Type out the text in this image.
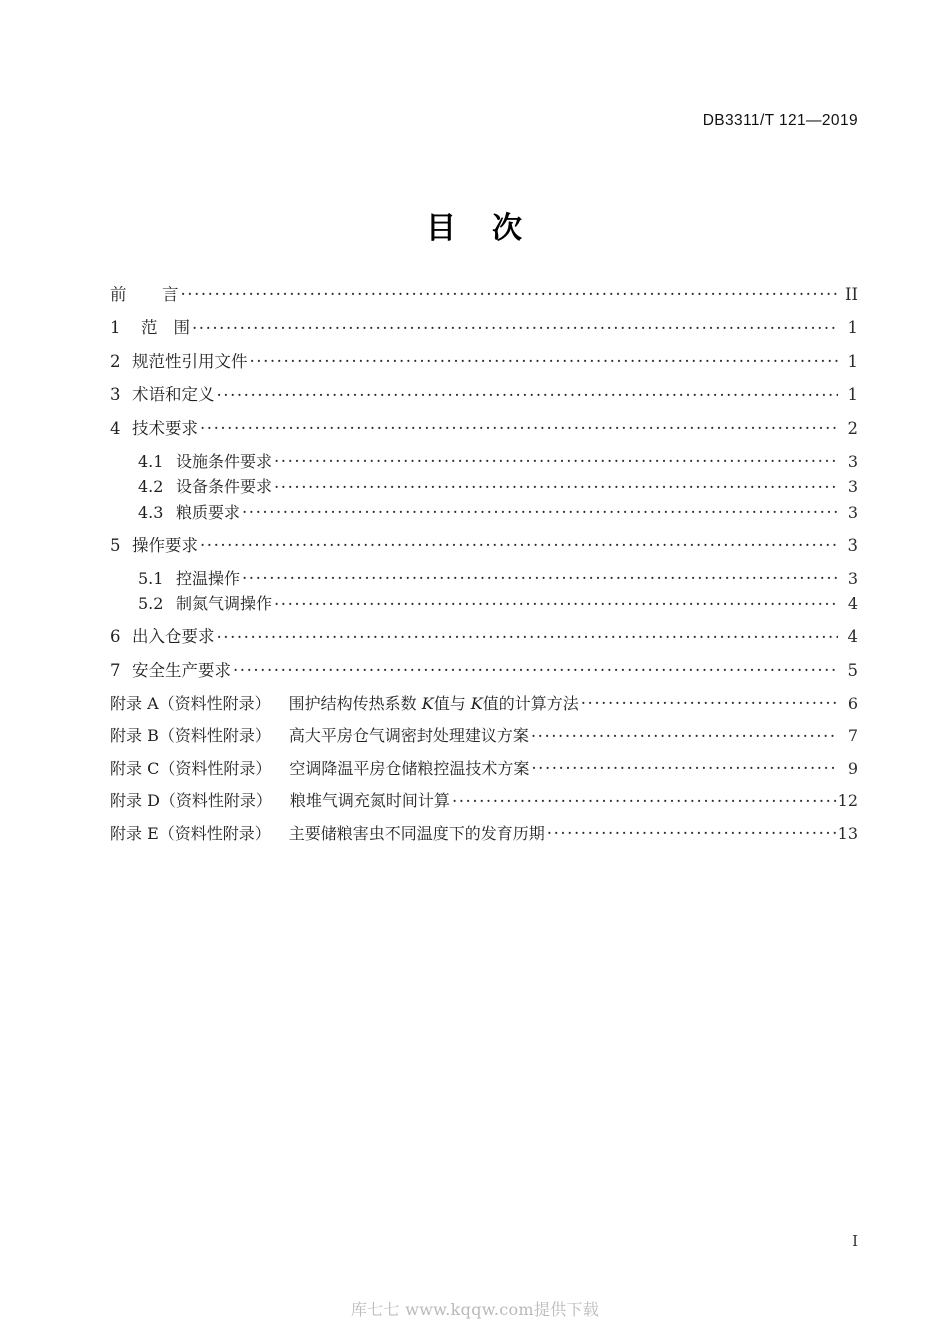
DB3311/T 121—2019
目 次
前 言 .....	II
1 范 围 .....	1
2 规范性引用文件 .....	1
3 术语和定义 .....	1
4 技术要求 .....	2
4.1 设施条件要求 .....	3
4.2 设备条件要求 .....	3
4.3 粮质要求 .....	3
5 操作要求 .....	3
5.1 控温操作 .....	3
5.2 制氮气调操作 .....	4
6 出入仓要求 .....	4
7 安全生产要求 .....	5
附录 A（资料性附录） 围护结构传热系数 K值与 K值的计算方法 .....	6
附录 B（资料性附录） 高大平房仓气调密封处理建议方案 .....	7
附录 C（资料性附录） 空调降温平房仓储粮控温技术方案 .....	9
附录 D（资料性附录） 粮堆气调充氮时间计算 .....	12
附录 E（资料性附录） 主要储粮害虫不同温度下的发育历期 .....	13
I
库七七 www.kqqw.com提供下载
